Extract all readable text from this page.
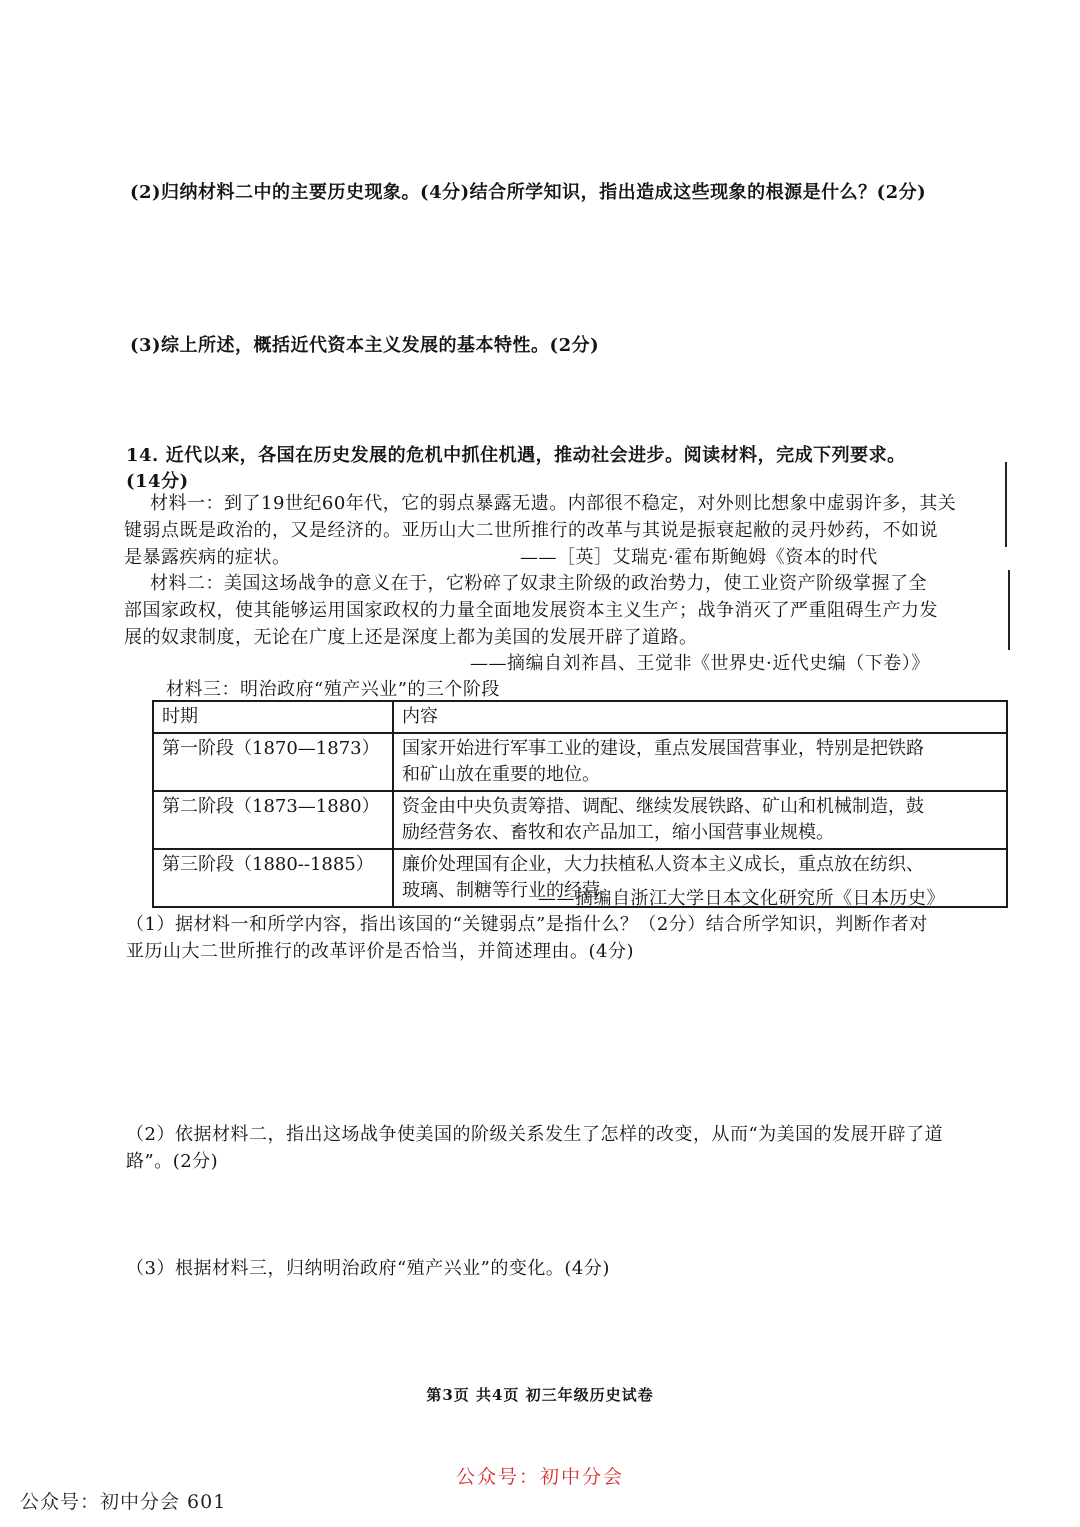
(2)归纳材料二中的主要历史现象。(4分)结合所学知识，指出造成这些现象的根源是什么？(2分)
(3)综上所述，概括近代资本主义发展的基本特性。(2分)
14. 近代以来，各国在历史发展的危机中抓住机遇，推动社会进步。阅读材料，完成下列要求。
(14分)
材料一：到了19世纪60年代，它的弱点暴露无遗。内部很不稳定，对外则比想象中虚弱许多，其关
键弱点既是政治的，又是经济的。亚历山大二世所推行的改革与其说是振衰起敝的灵丹妙药，不如说
是暴露疾病的症状。	——［英］艾瑞克·霍布斯鲍姆《资本的时代
材料二：美国这场战争的意义在于，它粉碎了奴隶主阶级的政治势力，使工业资产阶级掌握了全
部国家政权，使其能够运用国家政权的力量全面地发展资本主义生产；战争消灭了严重阻碍生产力发
展的奴隶制度，无论在广度上还是深度上都为美国的发展开辟了道路。
——摘编自刘祚昌、王觉非《世界史·近代史编（下卷）》
材料三：明治政府“殖产兴业”的三个阶段
时期	内容
第一阶段（1870—1873）	国家开始进行军事工业的建设，重点发展国营事业，特别是把铁路
和矿山放在重要的地位。
第二阶段（1873—1880）	资金由中央负责筹措、调配、继续发展铁路、矿山和机械制造，鼓
励经营务农、畜牧和农产品加工，缩小国营事业规模。
第三阶段（1880--1885）	廉价处理国有企业，大力扶植私人资本主义成长，重点放在纺织、
玻璃、制糖等行业的经营。
——摘编自浙江大学日本文化研究所《日本历史》
（1）据材料一和所学内容，指出该国的“关键弱点”是指什么？（2分）结合所学知识，判断作者对
亚历山大二世所推行的改革评价是否恰当，并简述理由。(4分)
（2）依据材料二，指出这场战争使美国的阶级关系发生了怎样的改变，从而“为美国的发展开辟了道
路”。(2分)
（3）根据材料三，归纳明治政府“殖产兴业”的变化。(4分)
第3页 共4页 初三年级历史试卷
公众号：初中分会
公众号：初中分会 601
